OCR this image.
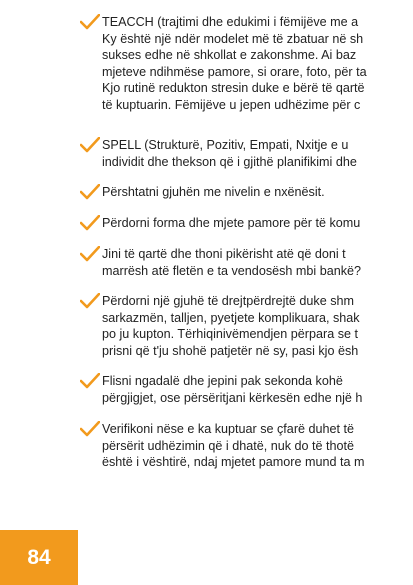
TEACCH (trajtimi dhe edukimi i fëmijëve me a
Ky është një ndër modelet më të zbatuar në sh
sukses edhe në shkollat e zakonshme. Ai baz
mjeteve ndihmëse pamore, si orare, foto, për ta
Kjo rutinë redukton stresin duke e bërë të qartë
të kuptuarin. Fëmijëve u jepen udhëzime për c
SPELL (Strukturë, Pozitiv, Empati, Nxitje e u
individit dhe thekson që i gjithë planifikimi dhe
Përshtatni gjuhën me nivelin e nxënësit.
Përdorni forma dhe mjete pamore për të komu
Jini të qartë dhe thoni pikërisht atë që doni t
marrësh atë fletën e ta vendosësh mbi bankë?
Përdorni një gjuhë të drejtpërdrejtë duke shm
sarkazmën, talljen, pyetjete komplikuara, shak
po ju kupton. Tërhiqinivëmendjen përpara se t
prisni që t'ju shohë patjetër në sy, pasi kjo ësh
Flisni ngadalë dhe jepini pak sekonda kohë
përgjigjet, ose përsëritjani kërkesën edhe një h
Verifikoni nëse e ka kuptuar se çfarë duhet të
përsërit udhëzimin që i dhatë, nuk do të thotë
është i vështirë, ndaj mjetet pamore mund ta m
84
